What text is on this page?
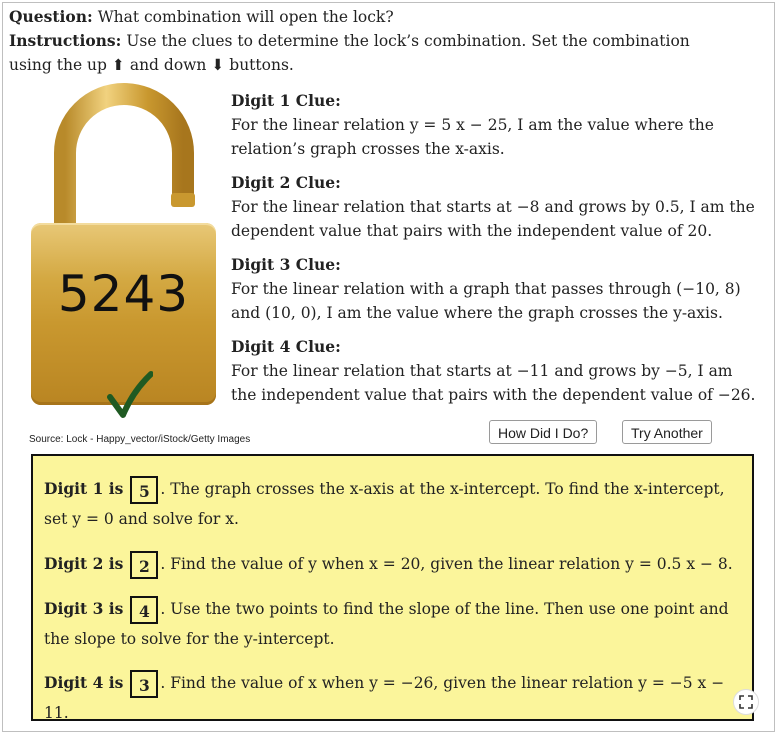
Question: What combination will open the lock?
Instructions: Use the clues to determine the lock’s combination. Set the combination using the up ⬆ and down ⬇ buttons.
5243
Digit 1 Clue:
For the linear relation y = 5 x − 25, I am the value where the relation’s graph crosses the x-axis.
Digit 2 Clue:
For the linear relation that starts at −8 and grows by 0.5, I am the dependent value that pairs with the independent value of 20.
Digit 3 Clue:
For the linear relation with a graph that passes through (−10, 8) and (10, 0), I am the value where the graph crosses the y-axis.
Digit 4 Clue:
For the linear relation that starts at −11 and grows by −5, I am the independent value that pairs with the dependent value of −26.
Source: Lock - Happy_vector/iStock/Getty Images	How Did I Do?	Try Another
Digit 1 is 5 . The graph crosses the x-axis at the x-intercept. To find the x-intercept, set y = 0 and solve for x.
Digit 2 is 2 . Find the value of y when x = 20, given the linear relation y = 0.5 x − 8.
Digit 3 is 4 . Use the two points to find the slope of the line. Then use one point and the slope to solve for the y-intercept.
Digit 4 is 3 . Find the value of x when y = −26, given the linear relation y = −5 x − 11.
